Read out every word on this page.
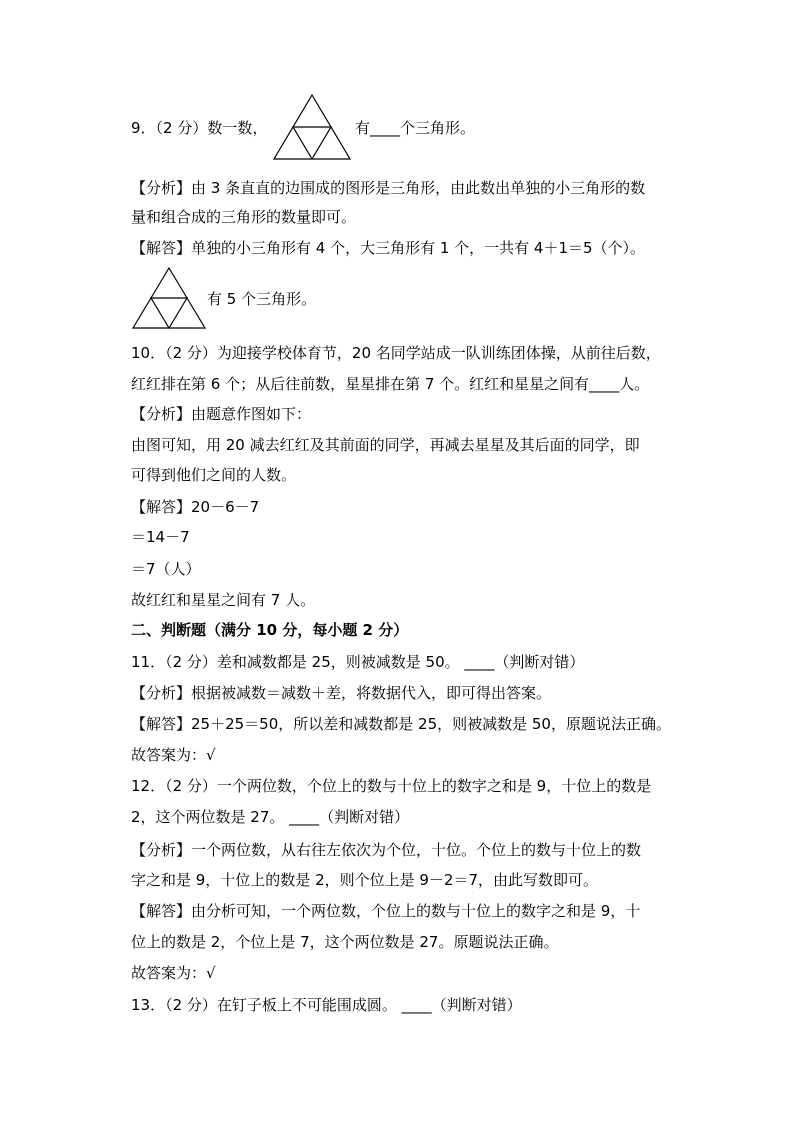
9．（2 分）数一数，	有____个三角形。
【分析】由 3 条直直的边围成的图形是三角形，由此数出单独的小三角形的数
量和组合成的三角形的数量即可。
【解答】单独的小三角形有 4 个，大三角形有 1 个，一共有 4＋1＝5（个）。
有 5 个三角形。
10．（2 分）为迎接学校体育节，20 名同学站成一队训练团体操，从前往后数，
红红排在第 6 个；从后往前数，星星排在第 7 个。红红和星星之间有____人。
【分析】由题意作图如下：
由图可知，用 20 减去红红及其前面的同学，再减去星星及其后面的同学，即
可得到他们之间的人数。
【解答】20－6－7
＝14－7
＝7（人）
故红红和星星之间有 7 人。
二、判断题（满分 10 分，每小题 2 分）
11．（2 分）差和减数都是 25，则被减数是 50。 ____（判断对错）
【分析】根据被减数＝减数＋差，将数据代入，即可得出答案。
【解答】25＋25＝50，所以差和减数都是 25，则被减数是 50，原题说法正确。
故答案为：√
12．（2 分）一个两位数，个位上的数与十位上的数字之和是 9，十位上的数是
2，这个两位数是 27。 ____（判断对错）
【分析】一个两位数，从右往左依次为个位，十位。个位上的数与十位上的数
字之和是 9，十位上的数是 2，则个位上是 9－2＝7，由此写数即可。
【解答】由分析可知，一个两位数，个位上的数与十位上的数字之和是 9，十
位上的数是 2，个位上是 7，这个两位数是 27。原题说法正确。
故答案为：√
13．（2 分）在钉子板上不可能围成圆。 ____（判断对错）
